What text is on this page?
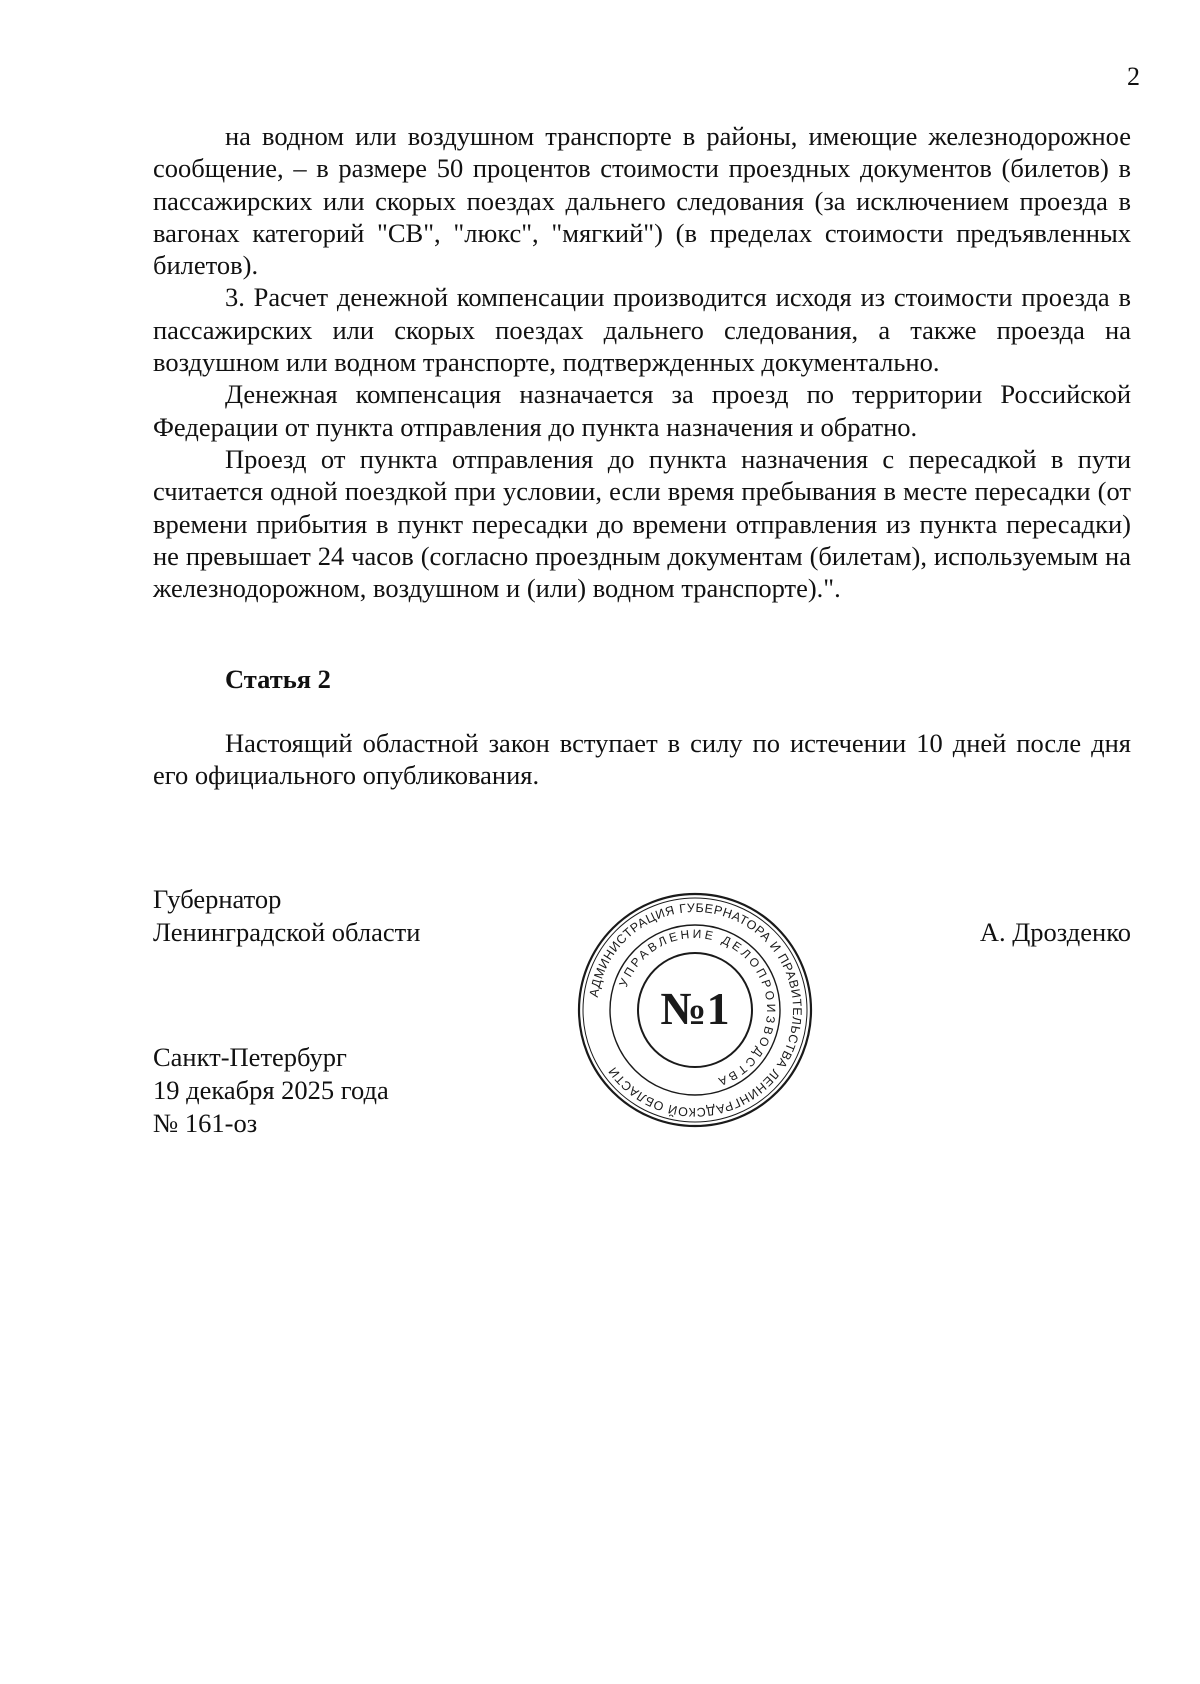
2

на водном или воздушном транспорте в районы, имеющие железнодорожное сообщение, – в размере 50 процентов стоимости проездных документов (билетов) в пассажирских или скорых поездах дальнего следования (за исключением проезда в вагонах категорий "СВ", "люкс", "мягкий") (в пределах стоимости предъявленных билетов).

3. Расчет денежной компенсации производится исходя из стоимости проезда в пассажирских или скорых поездах дальнего следования, а также проезда на воздушном или водном транспорте, подтвержденных документально.

Денежная компенсация назначается за проезд по территории Российской Федерации от пункта отправления до пункта назначения и обратно.

Проезд от пункта отправления до пункта назначения с пересадкой в пути считается одной поездкой при условии, если время пребывания в месте пересадки (от времени прибытия в пункт пересадки до времени отправления из пункта пересадки) не превышает 24 часов (согласно проездным документам (билетам), используемым на железнодорожном, воздушном и (или) водном транспорте).".

Статья 2

Настоящий областной закон вступает в силу по истечении 10 дней после дня его официального опубликования.

Губернатор
Ленинградской области	А. Дрозденко
АДМИНИСТРАЦИЯ ГУБЕРНАТОРА И ПРАВИТЕЛЬСТВА ЛЕНИНГРАДСКОЙ ОБЛАСТИ
УПРАВЛЕНИЕ ДЕЛОПРОИЗВОДСТВА
№1
Санкт-Петербург
19 декабря 2025 года
№ 161-оз
